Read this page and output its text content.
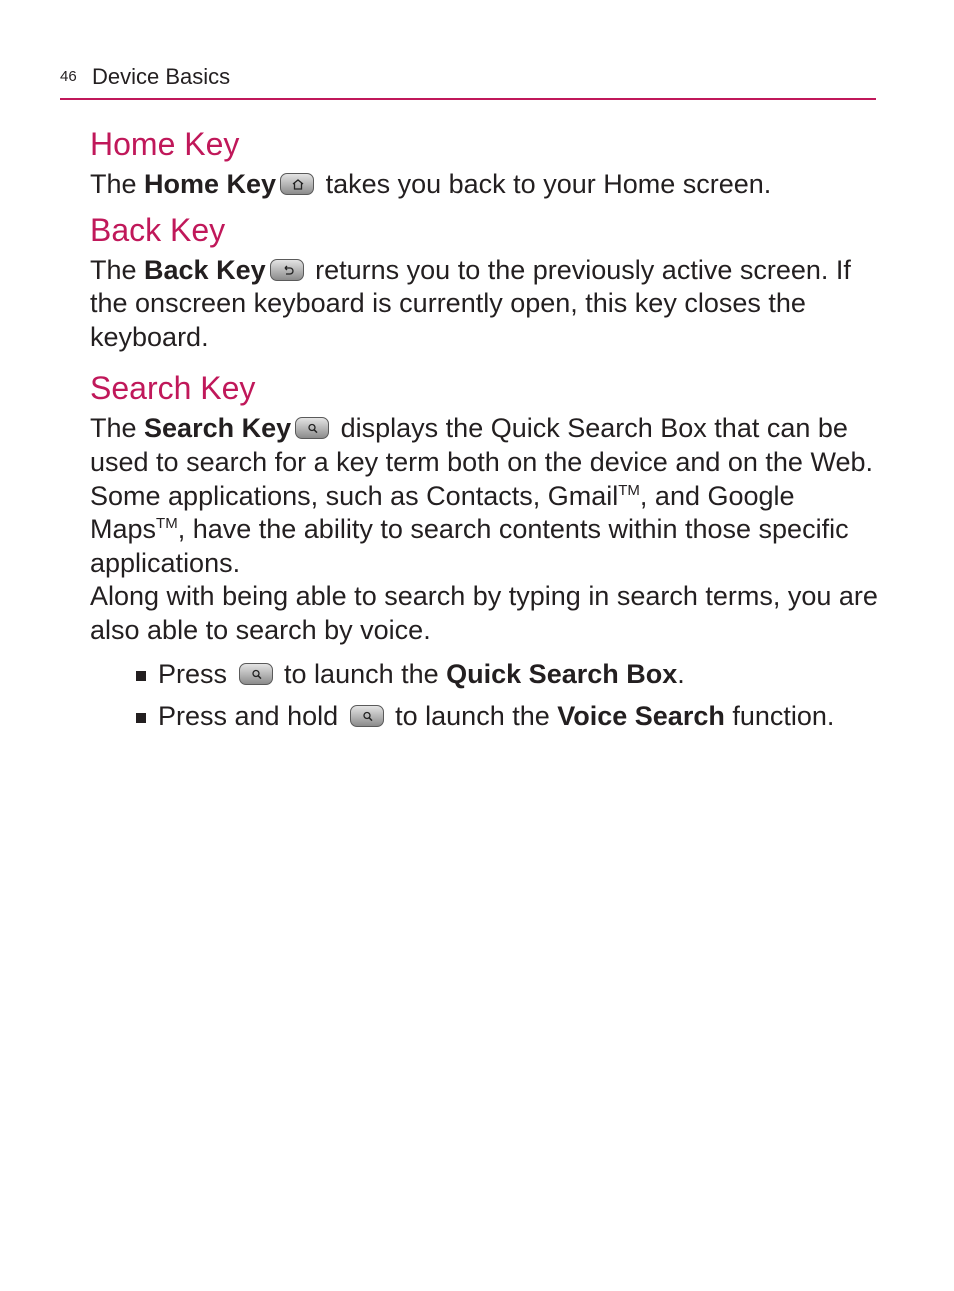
46 Device Basics
Home Key

The Home Key
takes you back to your Home screen.

Back Key

The Back Key
returns you to the previously active screen. If the onscreen keyboard is currently open, this key closes the keyboard.

Search Key

The Search Key
displays the Quick Search Box that can be used to search for a key term both on the device and on the Web. Some applications, such as Contacts, Gmail™, and Google Maps™, have the ability to search contents within those specific applications.

Along with being able to search by typing in search terms, you are also able to search by voice.

Press
to launch the Quick Search Box.
Press and hold
to launch the Voice Search function.
